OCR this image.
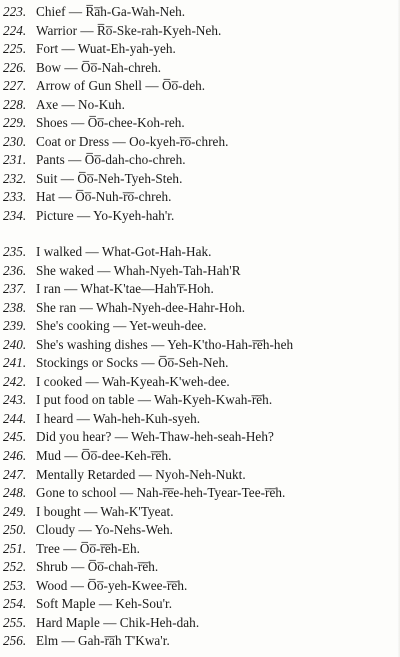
223. Chief — R̅a̅h-Ga-Wah-Neh.
224. Warrior — R̅o̅-Ske-rah-Kyeh-Neh.
225. Fort — Wuat-Eh-yah-yeh.
226. Bow — O̅o̅-Nah-chreh.
227. Arrow of Gun Shell — O̅o̅-deh.
228. Axe — No-Kuh.
229. Shoes — O̅o̅-chee-Koh-reh.
230. Coat or Dress — Oo-kyeh-r̅o̅-chreh.
231. Pants — O̅o̅-dah-cho-chreh.
232. Suit — O̅o̅-Neh-Tyeh-Steh.
233. Hat — O̅o̅-Nuh-r̅o̅-chreh.
234. Picture — Yo-Kyeh-hah'r.
235. I walked — What-Got-Hah-Hak.
236. She waked — Whah-Nyeh-Tah-Hah'R
237. I ran — What-K'tae—Hah'r̅-Hoh.
238. She ran — Whah-Nyeh-dee-Hahr-Hoh.
239. She's cooking — Yet-weuh-dee.
240. She's washing dishes — Yeh-K'tho-Hah-r̅e̅h-heh
241. Stockings or Socks — O̅o̅-Seh-Neh.
242. I cooked — Wah-Kyeah-K'weh-dee.
243. I put food on table — Wah-Kyeh-Kwah-r̅e̅h.
244. I heard — Wah-heh-Kuh-syeh.
245. Did you hear? — Weh-Thaw-heh-seah-Heh?
246. Mud — O̅o̅-dee-Keh-r̅e̅h.
247. Mentally Retarded — Nyoh-Neh-Nukt.
248. Gone to school — Nah-r̅e̅e-heh-Tyear-Tee-r̅e̅h.
249. I bought — Wah-K'Tyeat.
250. Cloudy — Yo-Nehs-Weh.
251. Tree — O̅o̅-r̅e̅h-Eh.
252. Shrub — O̅o̅-chah-r̅e̅h.
253. Wood — O̅o̅-yeh-Kwee-r̅e̅h.
254. Soft Maple — Keh-Sou'r.
255. Hard Maple — Chik-Heh-dah.
256. Elm — Gah-r̅a̅h T'Kwa'r.
